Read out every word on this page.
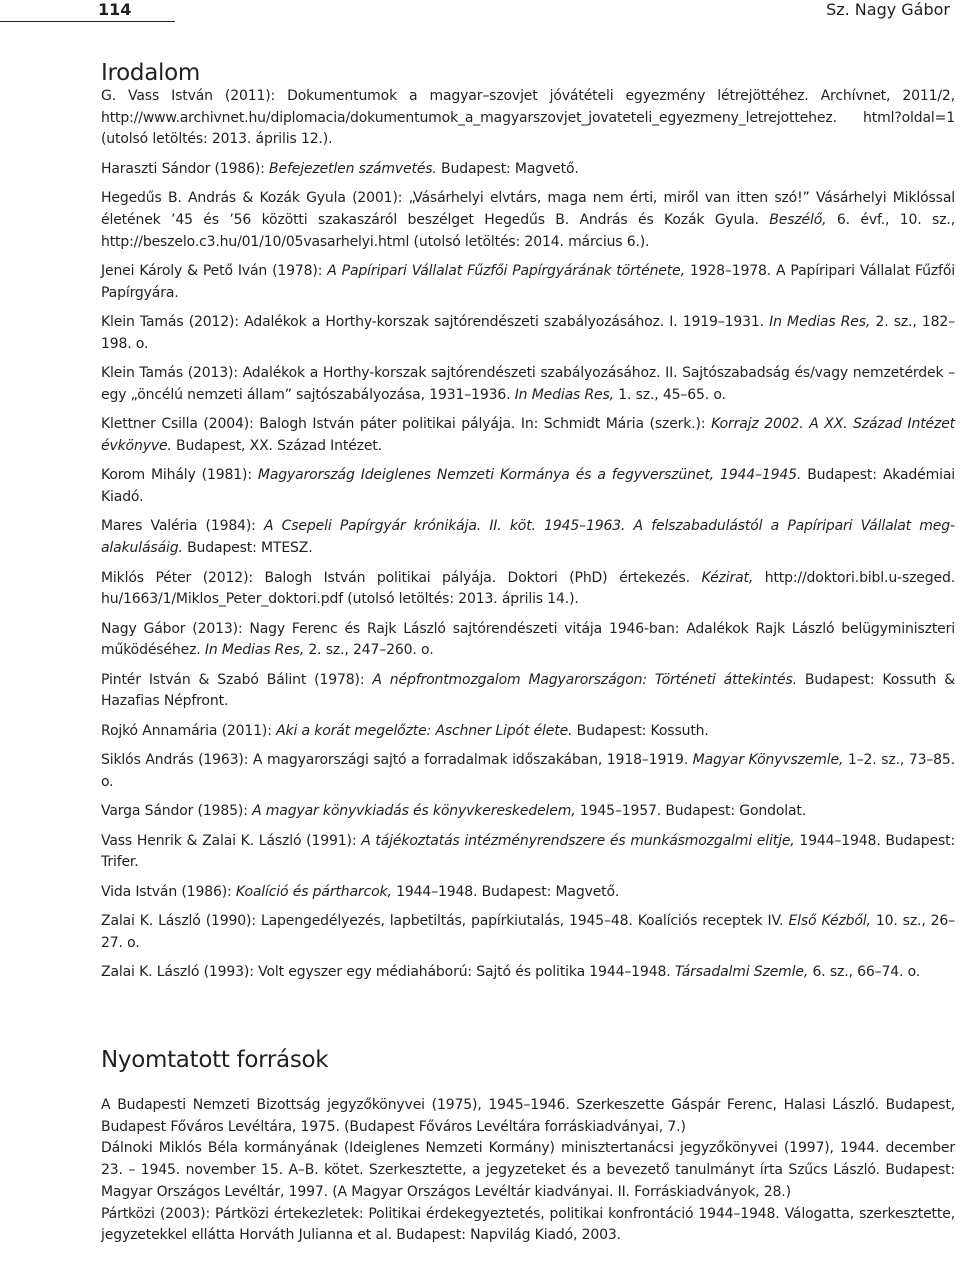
114	Sz. Nagy Gábor
Irodalom

G. Vass István (2011): Dokumentumok a magyar–szovjet jóvátételi egyezmény létrejöttéhez. Archívnet, 2011/2, http://www.archivnet.hu/diplomacia/dokumentumok_a_magyarszovjet_jovateteli_egyezmeny_letrejottehez. html?oldal=1 (utolsó letöltés: 2013. április 12.).

Haraszti Sándor (1986): Befejezetlen számvetés. Budapest: Magvető.

Hegedűs B. András & Kozák Gyula (2001): „Vásárhelyi elvtárs, maga nem érti, miről van itten szó!” Vásárhelyi Miklóssal életének ’45 és ’56 közötti szakaszáról beszélget Hegedűs B. András és Kozák Gyula. Beszélő, 6. évf., 10. sz., http://beszelo.c3.hu/01/10/05vasarhelyi.html (utolsó letöltés: 2014. március 6.).

Jenei Károly & Pető Iván (1978): A Papíripari Vállalat Fűzfői Papírgyárának története, 1928–1978. A Papíripari Vállalat Fűzfői Papírgyára.

Klein Tamás (2012): Adalékok a Horthy-korszak sajtórendészeti szabályozásához. I. 1919–1931. In Medias Res, 2. sz., 182–198. o.

Klein Tamás (2013): Adalékok a Horthy-korszak sajtórendészeti szabályozásához. II. Sajtószabadság és/vagy nemzetérdek – egy „öncélú nemzeti állam” sajtószabályozása, 1931–1936. In Medias Res, 1. sz., 45–65. o.

Klettner Csilla (2004): Balogh István páter politikai pályája. In: Schmidt Mária (szerk.): Korrajz 2002. A XX. Század Intézet évkönyve. Budapest, XX. Század Intézet.

Korom Mihály (1981): Magyarország Ideiglenes Nemzeti Kormánya és a fegyverszünet, 1944–1945. Budapest: Akadémiai Kiadó.

Mares Valéria (1984): A Csepeli Papírgyár krónikája. II. köt. 1945–1963. A felszabadulástól a Papíripari Vállalat megalakulásáig. Budapest: MTESZ.

Miklós Péter (2012): Balogh István politikai pályája. Doktori (PhD) értekezés. Kézirat, http://doktori.bibl.u-szeged. hu/1663/1/Miklos_Peter_doktori.pdf (utolsó letöltés: 2013. április 14.).

Nagy Gábor (2013): Nagy Ferenc és Rajk László sajtórendészeti vitája 1946-ban: Adalékok Rajk László belügyminiszteri működéséhez. In Medias Res, 2. sz., 247–260. o.

Pintér István & Szabó Bálint (1978): A népfrontmozgalom Magyarországon: Történeti áttekintés. Budapest: Kossuth & Hazafias Népfront.

Rojkó Annamária (2011): Aki a korát megelőzte: Aschner Lipót élete. Budapest: Kossuth.

Siklós András (1963): A magyarországi sajtó a forradalmak időszakában, 1918–1919. Magyar Könyvszemle, 1–2. sz., 73–85. o.

Varga Sándor (1985): A magyar könyvkiadás és könyvkereskedelem, 1945–1957. Budapest: Gondolat.

Vass Henrik & Zalai K. László (1991): A tájékoztatás intézményrendszere és munkásmozgalmi elitje, 1944–1948. Budapest: Trifer.

Vida István (1986): Koalíció és pártharcok, 1944–1948. Budapest: Magvető.

Zalai K. László (1990): Lapengedélyezés, lapbetiltás, papírkiutalás, 1945–48. Koalíciós receptek IV. Első Kézből, 10. sz., 26–27. o.

Zalai K. László (1993): Volt egyszer egy médiaháború: Sajtó és politika 1944–1948. Társadalmi Szemle, 6. sz., 66–74. o.

Nyomtatott források

A Budapesti Nemzeti Bizottság jegyzőkönyvei (1975), 1945–1946. Szerkeszette Gáspár Ferenc, Halasi László. Budapest, Budapest Főváros Levéltára, 1975. (Budapest Főváros Levéltára forráskiadványai, 7.)

Dálnoki Miklós Béla kormányának (Ideiglenes Nemzeti Kormány) minisztertanácsi jegyzőkönyvei (1997), 1944. december 23. – 1945. november 15. A–B. kötet. Szerkesztette, a jegyzeteket és a bevezető tanulmányt írta Szűcs László. Budapest: Magyar Országos Levéltár, 1997. (A Magyar Országos Levéltár kiadványai. II. Forráskiadványok, 28.)

Pártközi (2003): Pártközi értekezletek: Politikai érdekegyeztetés, politikai konfrontáció 1944–1948. Válogatta, szerkesztette, jegyzetekkel ellátta Horváth Julianna et al. Budapest: Napvilág Kiadó, 2003.
